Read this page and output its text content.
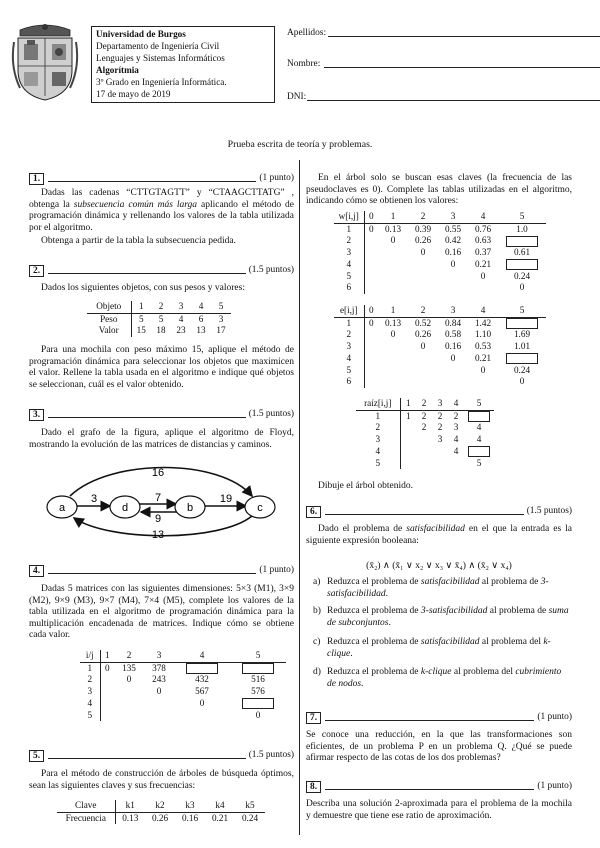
Universidad de Burgos
Departamento de Ingeniería Civil
Lenguajes y Sistemas Informáticos
Algorítmia
3º Grado en Ingeniería Informática.
17 de mayo de 2019
Apellidos:
Nombre:
DNI:
Prueba escrita de teoría y problemas.
1.	(1 punto)
Dadas las cadenas “CTTGTAGTT” y “CTAAGCTTATG” , obtenga la subsecuencia común más larga aplicando el método de programación dinámica y rellenando los valores de la tabla utilizada por el algoritmo.
Obtenga a partir de la tabla la subsecuencia pedida.
2.	(1.5 puntos)
Dados los siguientes objetos, con sus pesos y valores:
Objeto	1	2	3	4	5
Peso	5	5	4	6	3
Valor	15	18	23	13	17
Para una mochila con peso máximo 15, aplique el método de programación dinámica para seleccionar los objetos que maximicen el valor. Rellene la tabla usada en el algoritmo e indique qué objetos se seleccionan, cuál es el valor obtenido.
3.	(1.5 puntos)
Dado el grafo de la figura, aplique el algoritmo de Floyd, mostrando la evolución de las matrices de distancias y caminos.
a	d	b	c
16
3	7
9
19
13
4.	(1 punto)
Dadas 5 matrices con las siguientes dimensiones: 5×3 (M1), 3×9 (M2), 9×9 (M3), 9×7 (M4), 7×4 (M5), complete los valores de la tabla utilizada en el algoritmo de programación dinámica para la multiplicación encadenada de matrices. Indique cómo se obtiene cada valor.
i/j	1	2	3	4	5
1	0	135	378		
2		0	243	432	516
3			0	567	576
4				0	
5					0
5.	(1.5 puntos)
Para el método de construcción de árboles de búsqueda óptimos, sean las siguientes claves y sus frecuencias:
Clave	k1	k2	k3	k4	k5
Frecuencia	0.13	0.26	0.16	0.21	0.24
En el árbol solo se buscan esas claves (la frecuencia de las pseudoclaves es 0). Complete las tablas utilizadas en el algoritmo, indicando cómo se obtienen los valores:
w[i,j]	0	1	2	3	4	5
1	0	0.13	0.39	0.55	0.76	1.0
2		0	0.26	0.42	0.63	
3			0	0.16	0.37	0.61
4				0	0.21	
5					0	0.24
6						0
e[i,j]	0	1	2	3	4	5
1	0	0.13	0.52	0.84	1.42	
2		0	0.26	0.58	1.10	1.69
3			0	0.16	0.53	1.01
4				0	0.21	
5					0	0.24
6						0
raíz[i,j]	1	2	3	4	5
1	1	2	2	2	
2		2	2	3	4
3			3	4	4
4				4	
5					5
Dibuje el árbol obtenido.
6.	(1.5 puntos)
Dado el problema de satisfacibilidad en el que la entrada es la siguiente expresión booleana:
(x̄₂) ∧ (x̄₁ ∨ x₂ ∨ x₃ ∨ x̄₄) ∧ (x̄₂ ∨ x₄)
a) Reduzca el problema de satisfacibilidad al problema de 3-satisfacibilidad.
b) Reduzca el problema de 3-satisfacibilidad al problema de suma de subconjuntos.
c) Reduzca el problema de satisfacibilidad al problema del k-clique.
d) Reduzca el problema de k-clique al problema del cubrimiento de nodos.
7.	(1 punto)
Se conoce una reducción, en la que las transformaciones son eficientes, de un problema P en un problema Q. ¿Qué se puede afirmar respecto de las cotas de los dos problemas?
8.	(1 punto)
Describa una solución 2-aproximada para el problema de la mochila y demuestre que tiene ese ratio de aproximación.
